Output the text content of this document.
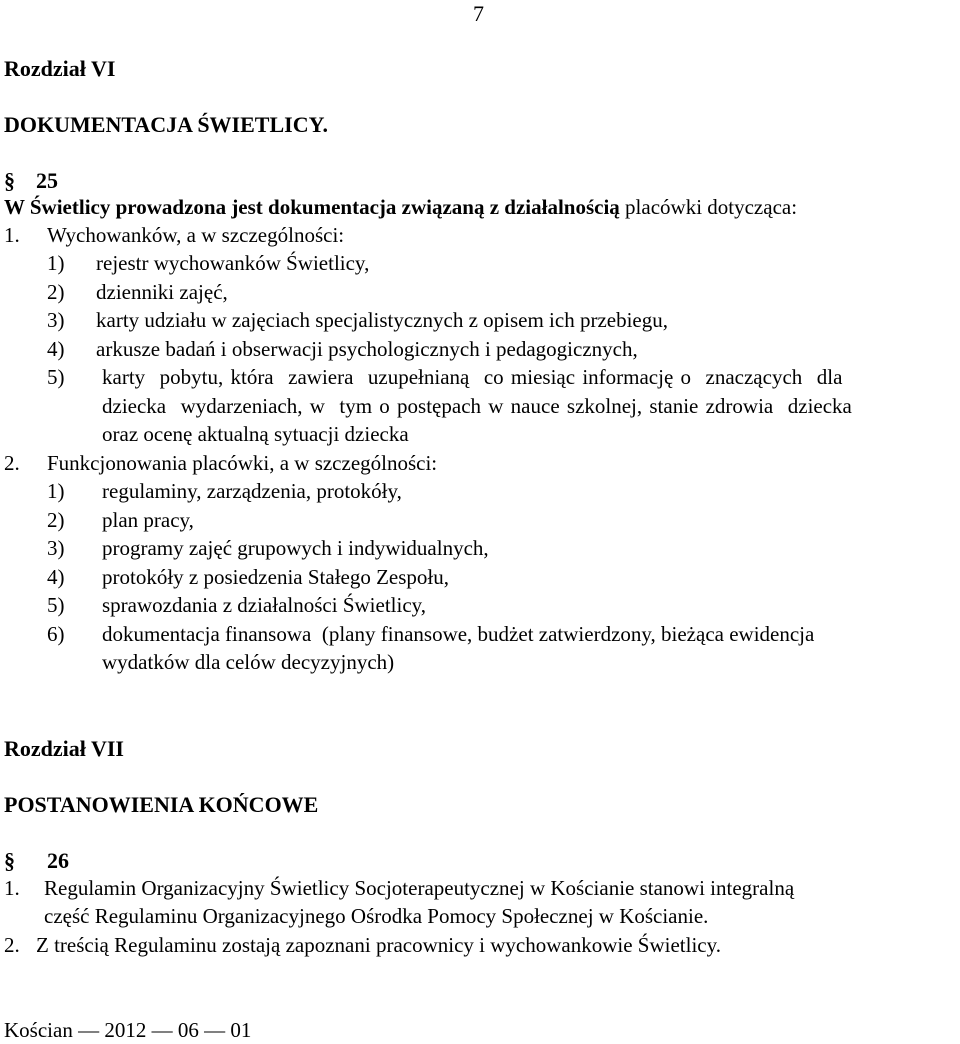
7
Rozdział VI
DOKUMENTACJA ŚWIETLICY.
§ 25
W Świetlicy prowadzona jest dokumentacja związaną z działalnością placówki dotycząca:
1. Wychowanków, a w szczególności:
1) rejestr wychowanków Świetlicy,
2) dzienniki zajęć,
3) karty udziału w zajęciach specjalistycznych z opisem ich przebiegu,
4) arkusze badań i obserwacji psychologicznych i pedagogicznych,
5) karty  pobytu, która  zawiera  uzupełnianą  co miesiąc informację o  znaczących  dla
dziecka  wydarzeniach, w  tym o postępach w nauce szkolnej, stanie zdrowia  dziecka
oraz ocenę aktualną sytuacji dziecka
2. Funkcjonowania placówki, a w szczególności:
1) regulaminy, zarządzenia, protokóły,
2) plan pracy,
3) programy zajęć grupowych i indywidualnych,
4) protokóły z posiedzenia Stałego Zespołu,
5) sprawozdania z działalności Świetlicy,
6) dokumentacja finansowa  (plany finansowe, budżet zatwierdzony, bieżąca ewidencja
wydatków dla celów decyzyjnych)
Rozdział VII
POSTANOWIENIA KOŃCOWE
§ 26
1. Regulamin Organizacyjny Świetlicy Socjoterapeutycznej w Kościanie stanowi integralną
część Regulaminu Organizacyjnego Ośrodka Pomocy Społecznej w Kościanie.
2. Z treścią Regulaminu zostają zapoznani pracownicy i wychowankowie Świetlicy.
Kościan — 2012 — 06 — 01
